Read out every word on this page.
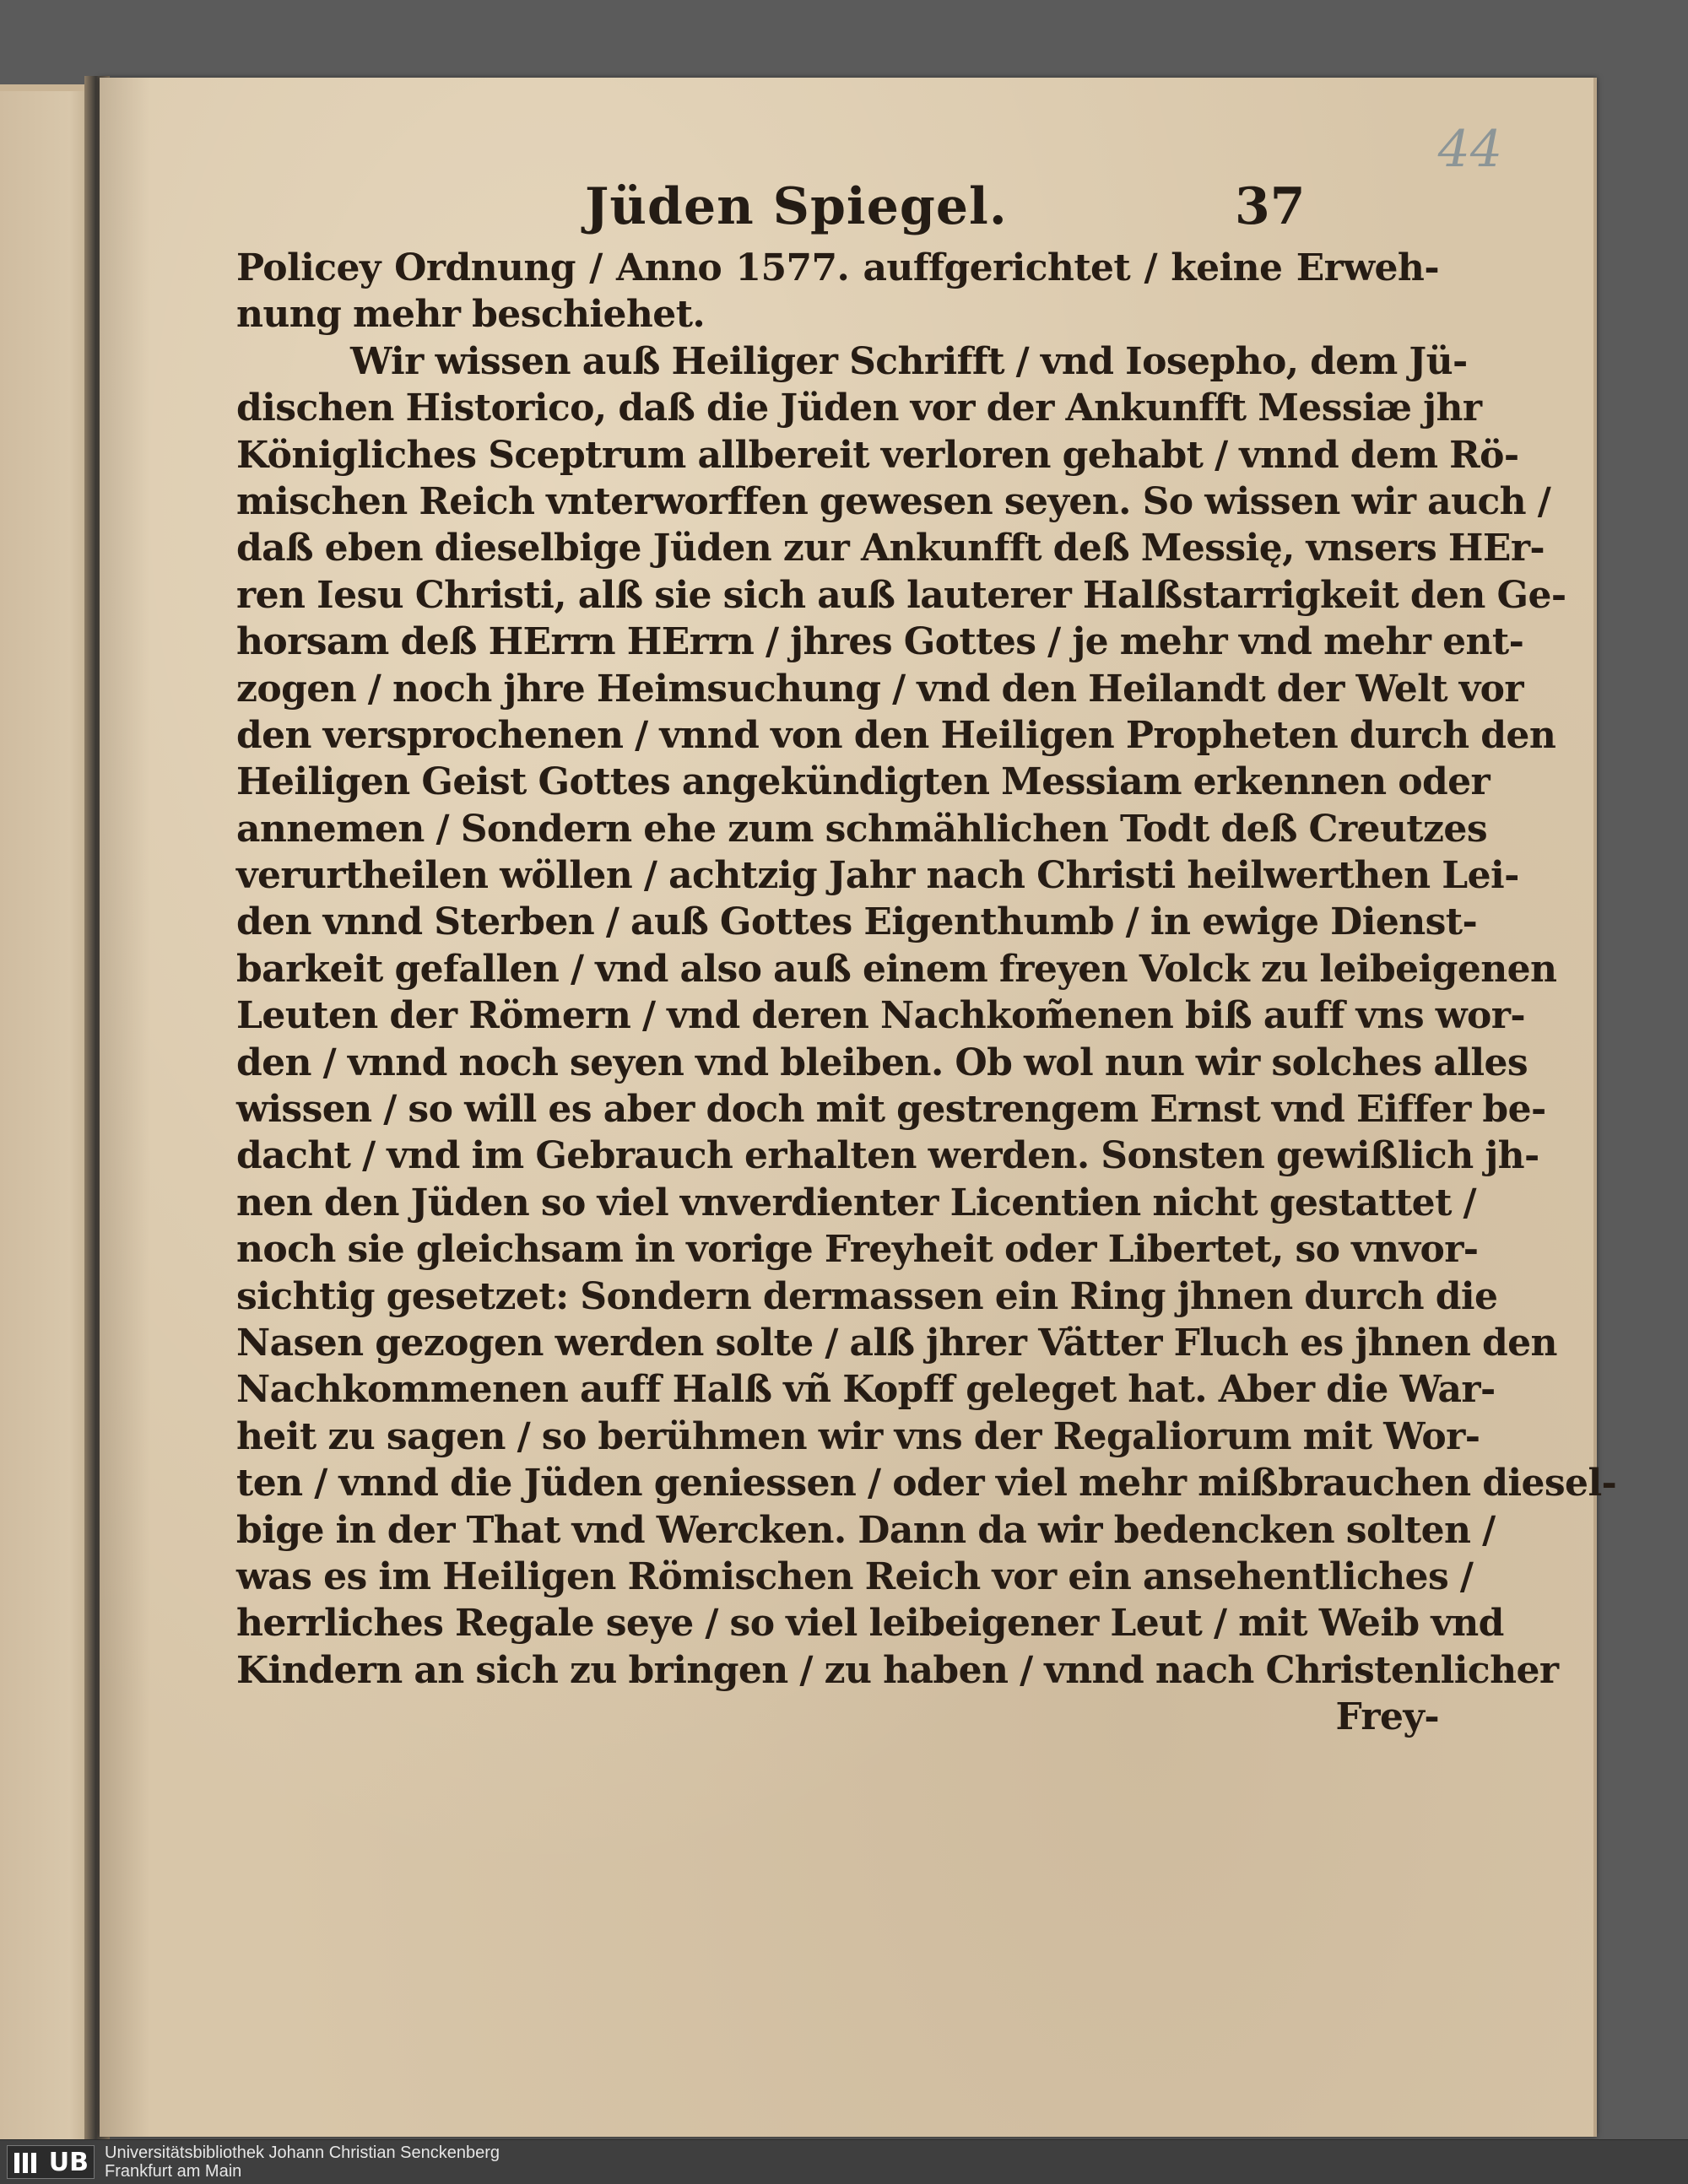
44
Jüden Spiegel.	37
Policey Ordnung / Anno 1577. auffgerichtet / keine Erweh-
nung mehr beschiehet.
Wir wissen auß Heiliger Schrifft / vnd Iosepho, dem Jü-
dischen Historico, daß die Jüden vor der Ankunfft Messiæ jhr
Königliches Sceptrum allbereit verloren gehabt / vnnd dem Rö-
mischen Reich vnterworffen gewesen seyen. So wissen wir auch /
daß eben dieselbige Jüden zur Ankunfft deß Messię, vnsers HEr-
ren Iesu Christi, alß sie sich auß lauterer Halßstarrigkeit den Ge-
horsam deß HErrn HErrn / jhres Gottes / je mehr vnd mehr ent-
zogen / noch jhre Heimsuchung / vnd den Heilandt der Welt vor
den versprochenen / vnnd von den Heiligen Propheten durch den
Heiligen Geist Gottes angekündigten Messiam erkennen oder
annemen / Sondern ehe zum schmählichen Todt deß Creutzes
verurtheilen wöllen / achtzig Jahr nach Christi heilwerthen Lei-
den vnnd Sterben / auß Gottes Eigenthumb / in ewige Dienst-
barkeit gefallen / vnd also auß einem freyen Volck zu leibeigenen
Leuten der Römern / vnd deren Nachkom̃enen biß auff vns wor-
den / vnnd noch seyen vnd bleiben. Ob wol nun wir solches alles
wissen / so will es aber doch mit gestrengem Ernst vnd Eiffer be-
dacht / vnd im Gebrauch erhalten werden. Sonsten gewißlich jh-
nen den Jüden so viel vnverdienter Licentien nicht gestattet /
noch sie gleichsam in vorige Freyheit oder Libertet, so vnvor-
sichtig gesetzet: Sondern dermassen ein Ring jhnen durch die
Nasen gezogen werden solte / alß jhrer Vätter Fluch es jhnen den
Nachkommenen auff Halß vñ Kopff geleget hat. Aber die War-
heit zu sagen / so berühmen wir vns der Regaliorum mit Wor-
ten / vnnd die Jüden geniessen / oder viel mehr mißbrauchen diesel-
bige in der That vnd Wercken. Dann da wir bedencken solten /
was es im Heiligen Römischen Reich vor ein ansehentliches /
herrliches Regale seye / so viel leibeigener Leut / mit Weib vnd
Kindern an sich zu bringen / zu haben / vnnd nach Christenlicher
Frey-
UB Universitätsbibliothek Johann Christian Senckenberg
Frankfurt am Main
